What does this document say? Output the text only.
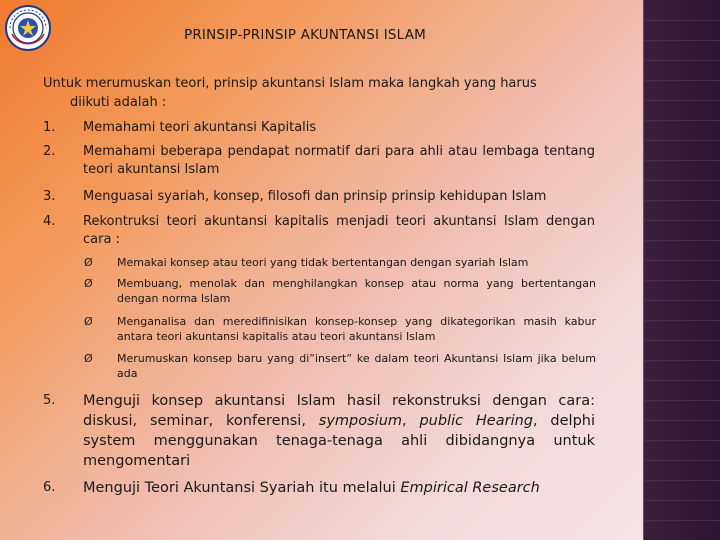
PRINSIP-PRINSIP AKUNTANSI ISLAM
Untuk merumuskan teori, prinsip akuntansi Islam maka langkah yang harus
diikuti adalah :
1. Memahami teori akuntansi Kapitalis
2. Memahami beberapa pendapat normatif dari para ahli atau lembaga tentang teori akuntansi Islam
3. Menguasai syariah, konsep, filosofi dan prinsip prinsip kehidupan Islam
4. Rekontruksi teori akuntansi kapitalis menjadi teori akuntansi Islam dengan cara :
Ø Memakai konsep atau teori yang tidak bertentangan dengan syariah Islam
Ø Membuang, menolak dan menghilangkan konsep atau norma yang bertentangan dengan norma Islam
Ø Menganalisa dan meredifinisikan konsep-konsep yang dikategorikan masih kabur antara teori akuntansi kapitalis atau teori akuntansi Islam
Ø Merumuskan konsep baru yang di”insert” ke dalam teori Akuntansi Islam jika belum ada
5. Menguji konsep akuntansi Islam hasil rekonstruksi dengan cara: diskusi, seminar, konferensi, symposium, public Hearing, delphi system menggunakan tenaga-tenaga ahli dibidangnya untuk mengomentari
6. Menguji Teori Akuntansi Syariah itu melalui Empirical Research
